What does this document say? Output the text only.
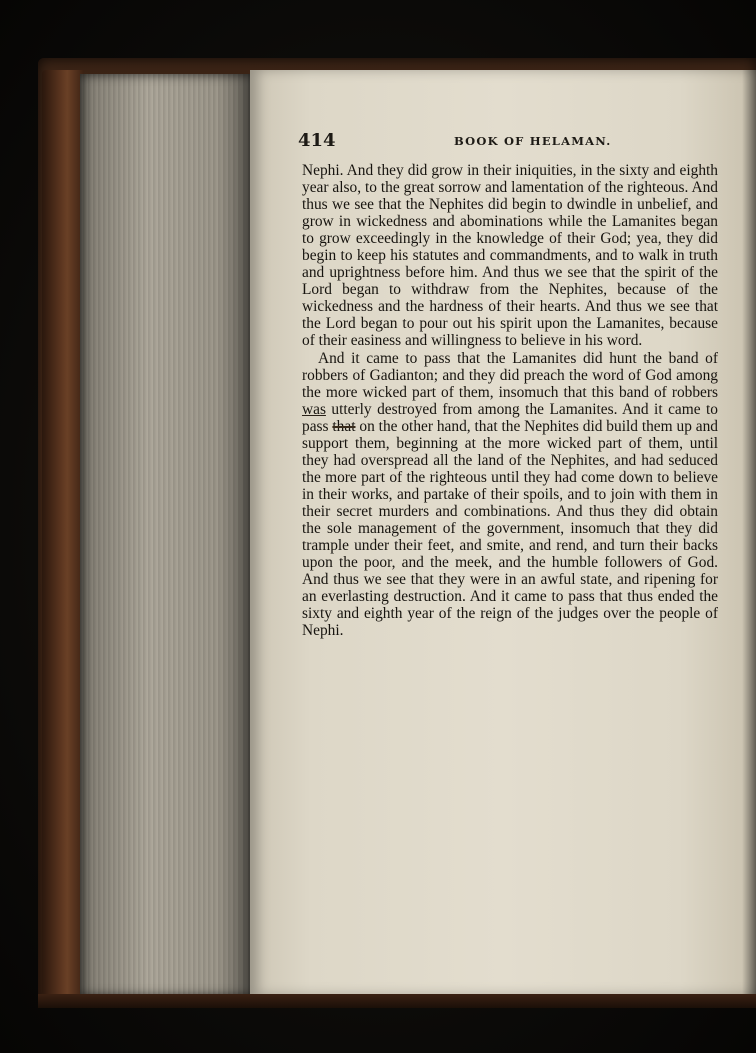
414	BOOK OF HELAMAN.

Nephi. And they did grow in their iniquities, in the sixty and eighth year also, to the great sorrow and lamentation of the righteous. And thus we see that the Nephites did begin to dwindle in unbelief, and grow in wickedness and abominations while the Lamanites began to grow exceedingly in the knowledge of their God; yea, they did begin to keep his statutes and commandments, and to walk in truth and uprightness before him. And thus we see that the spirit of the Lord began to withdraw from the Nephites, because of the wickedness and the hardness of their hearts. And thus we see that the Lord began to pour out his spirit upon the Lamanites, because of their easiness and willingness to believe in his word.

And it came to pass that the Lamanites did hunt the band of robbers of Gadianton; and they did preach the word of God among the more wicked part of them, insomuch that this band of robbers was utterly destroyed from among the Lamanites. And it came to pass that on the other hand, that the Nephites did build them up and support them, beginning at the more wicked part of them, until they had overspread all the land of the Nephites, and had seduced the more part of the righteous until they had come down to believe in their works, and partake of their spoils, and to join with them in their secret murders and combinations. And thus they did obtain the sole management of the government, insomuch that they did trample under their feet, and smite, and rend, and turn their backs upon the poor, and the meek, and the humble followers of God. And thus we see that they were in an awful state, and ripening for an everlasting destruction. And it came to pass that thus ended the sixty and eighth year of the reign of the judges over the people of Nephi.
